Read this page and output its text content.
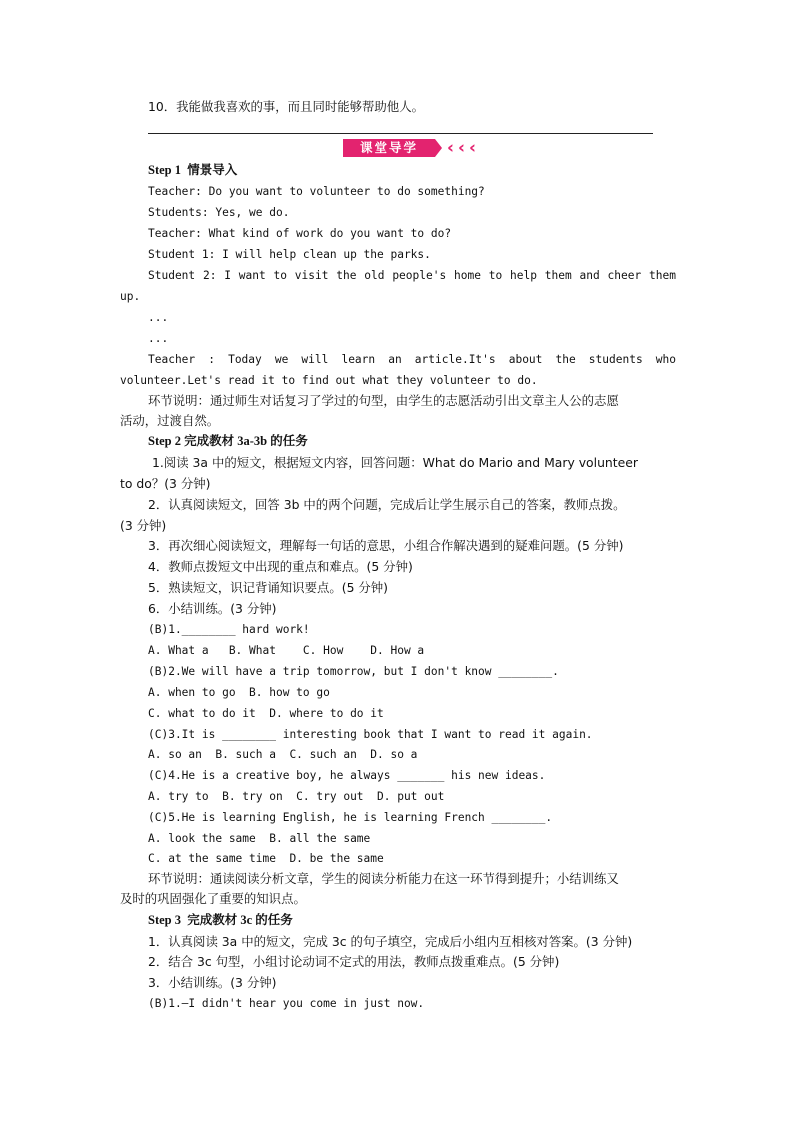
10．我能做我喜欢的事，而且同时能够帮助他人。
课堂导学	‹ ‹ ‹
Step 1  情景导入
Teacher: Do you want to volunteer to do something?
Students: Yes, we do.
Teacher: What kind of work do you want to do?
Student 1: I will help clean up the parks.
Student 2: I want to visit the old people's home to help them and cheer them
up.
...
...
Teacher : Today we will learn an article.It's about the students who
volunteer.Let's read it to find out what they volunteer to do.
环节说明：通过师生对话复习了学过的句型，由学生的志愿活动引出文章主人公的志愿
活动，过渡自然。
Step 2 完成教材 3a-3b 的任务
1.阅读 3a 中的短文，根据短文内容，回答问题：What do Mario and Mary volunteer
to do？(3 分钟)
2．认真阅读短文，回答 3b 中的两个问题，完成后让学生展示自己的答案，教师点拨。
(3 分钟)
3．再次细心阅读短文，理解每一句话的意思，小组合作解决遇到的疑难问题。(5 分钟)
4．教师点拨短文中出现的重点和难点。(5 分钟)
5．熟读短文，识记背诵知识要点。(5 分钟)
6．小结训练。(3 分钟)
(B)1.________ hard work!
A. What a   B. What    C. How    D. How a
(B)2.We will have a trip tomorrow, but I don't know ________.
A. when to go  B. how to go
C. what to do it  D. where to do it
(C)3.It is ________ interesting book that I want to read it again.
A. so an  B. such a  C. such an  D. so a
(C)4.He is a creative boy, he always _______ his new ideas.
A. try to  B. try on  C. try out  D. put out
(C)5.He is learning English, he is learning French ________.
A. look the same  B. all the same
C. at the same time  D. be the same
环节说明：通读阅读分析文章，学生的阅读分析能力在这一环节得到提升；小结训练又
及时的巩固强化了重要的知识点。
Step 3  完成教材 3c 的任务
1．认真阅读 3a 中的短文，完成 3c 的句子填空，完成后小组内互相核对答案。(3 分钟)
2．结合 3c 句型，小组讨论动词不定式的用法，教师点拨重难点。(5 分钟)
3．小结训练。(3 分钟)
(B)1.—I didn't hear you come in just now.
